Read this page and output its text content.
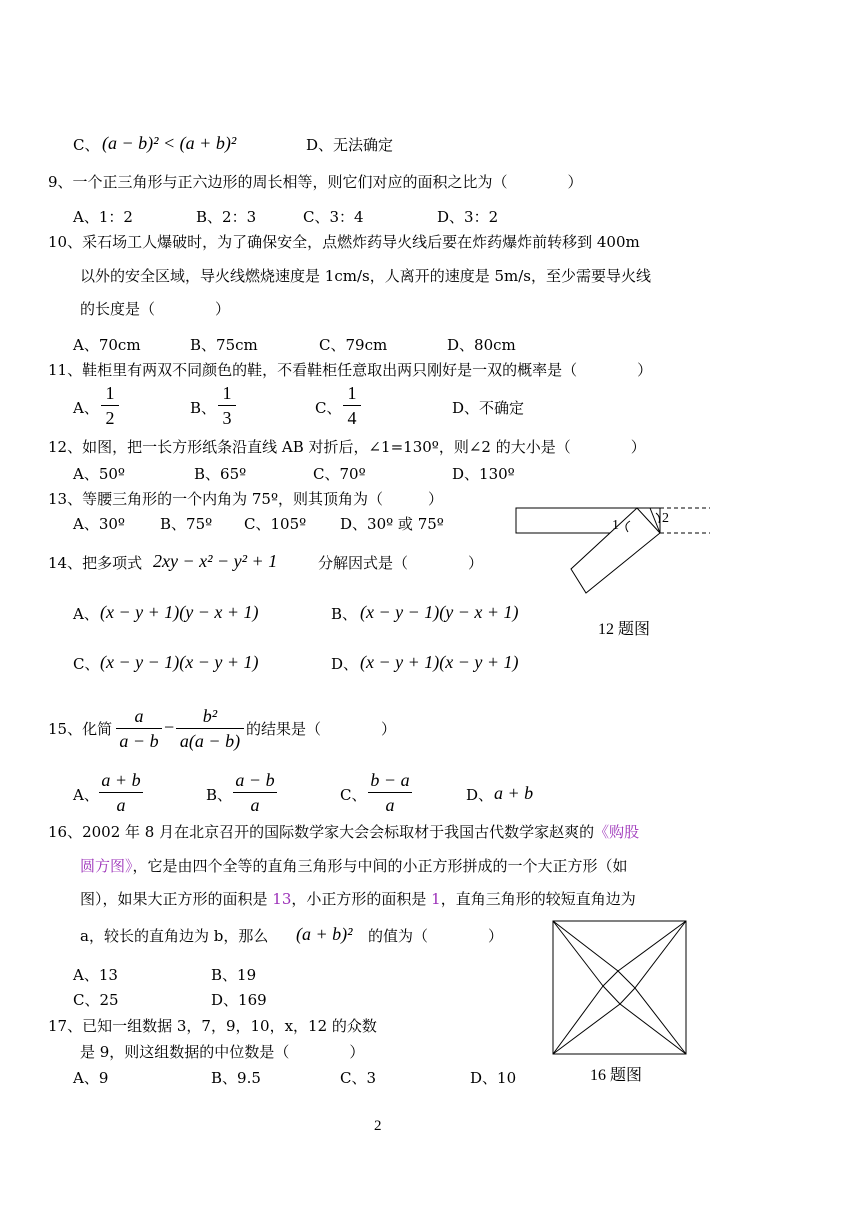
C、 (a − b)² < (a + b)²	D、无法确定
9、一个正三角形与正六边形的周长相等，则它们对应的面积之比为（　　　　）
A、1：2	B、2：3	C、3：4	D、3：2
10、采石场工人爆破时，为了确保安全，点燃炸药导火线后要在炸药爆炸前转移到 400m
以外的安全区域，导火线燃烧速度是 1cm/s，人离开的速度是 5m/s，至少需要导火线
的长度是（　　　　）
A、70cm	B、75cm	C、79cm	D、80cm
11、鞋柜里有两双不同颜色的鞋，不看鞋柜任意取出两只刚好是一双的概率是（　　　　）
A、
1
2	B、
1
3	C、
1
4	D、不确定
12、如图，把一长方形纸条沿直线 AB 对折后，∠1=130º，则∠2 的大小是（　　　　）
A、50º	B、65º	C、70º	D、130º
13、等腰三角形的一个内角为 75º，则其顶角为（　　　）
A、30º B、75º C、105º D、30º 或 75º	1	2
12 题图
14、把多项式 2xy − x² − y² + 1	分解因式是（　　　　）
A、 (x − y + 1)(y − x + 1)	B、 (x − y − 1)(y − x + 1)
C、 (x − y − 1)(x − y + 1)	D、 (x − y + 1)(x − y + 1)
15、化简
a
a − b
−
b²
a(a − b)
的结果是（　　　　）
A、
a + b
a	B、
a − b
a	C、
b − a
a	D、 a + b
16、2002 年 8 月在北京召开的国际数学家大会会标取材于我国古代数学家赵爽的《购股
圆方图》，它是由四个全等的直角三角形与中间的小正方形拼成的一个大正方形（如
图），如果大正方形的面积是 13，小正方形的面积是 1，直角三角形的较短直角边为
a，较长的直角边为 b，那么 (a + b)² 的值为（　　　　）
A、13	B、19
C、25	D、169
16 题图
17、已知一组数据 3，7，9，10，x，12 的众数
是 9，则这组数据的中位数是（　　　　）
A、9	B、9.5	C、3	D、10
2
